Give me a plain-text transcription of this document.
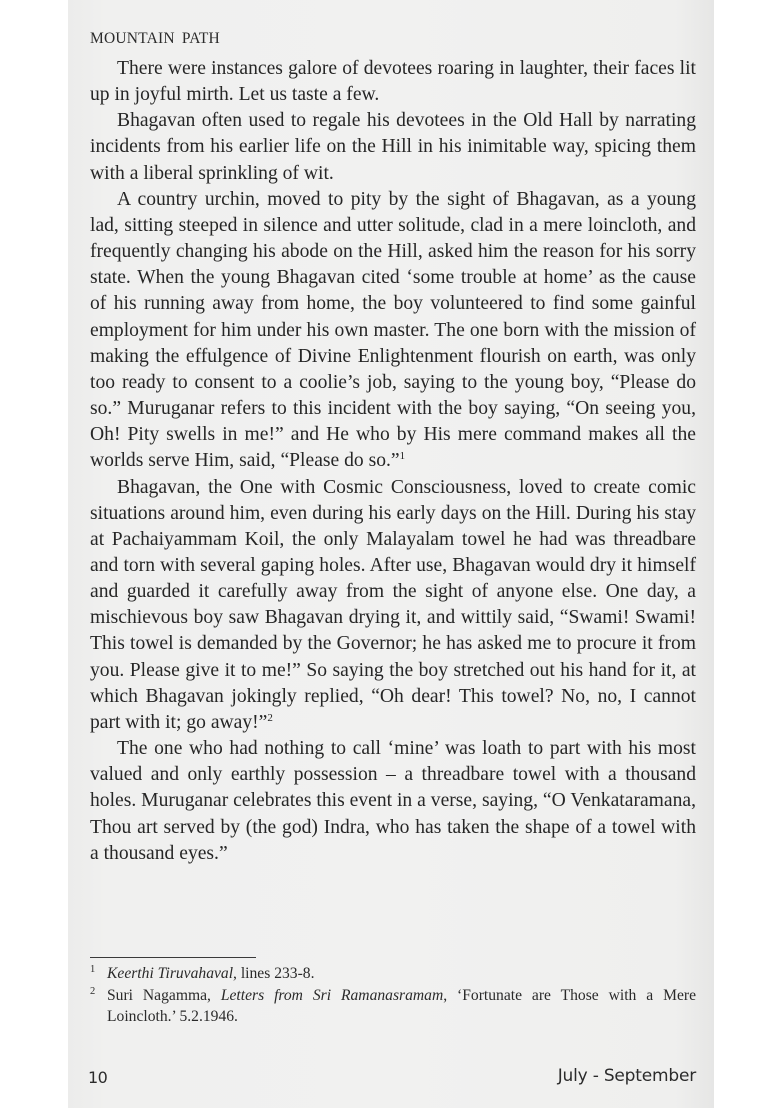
MOUNTAIN PATH

There were instances galore of devotees roaring in laughter, their faces lit up in joyful mirth. Let us taste a few.

Bhagavan often used to regale his devotees in the Old Hall by narrating incidents from his earlier life on the Hill in his inimitable way, spicing them with a liberal sprinkling of wit.

A country urchin, moved to pity by the sight of Bhagavan, as a young lad, sitting steeped in silence and utter solitude, clad in a mere loincloth, and frequently changing his abode on the Hill, asked him the reason for his sorry state. When the young Bhagavan cited ‘some trouble at home’ as the cause of his running away from home, the boy volunteered to find some gainful employment for him under his own master. The one born with the mission of making the effulgence of Divine Enlightenment flourish on earth, was only too ready to consent to a coolie’s job, saying to the young boy, “Please do so.” Muruganar refers to this incident with the boy saying, “On seeing you, Oh! Pity swells in me!” and He who by His mere command makes all the worlds serve Him, said, “Please do so.”$^1$

Bhagavan, the One with Cosmic Consciousness, loved to create comic situations around him, even during his early days on the Hill. During his stay at Pachaiyammam Koil, the only Malayalam towel he had was threadbare and torn with several gaping holes. After use, Bhagavan would dry it himself and guarded it carefully away from the sight of anyone else. One day, a mischievous boy saw Bhagavan drying it, and wittily said, “Swami! Swami! This towel is demanded by the Governor; he has asked me to procure it from you. Please give it to me!” So saying the boy stretched out his hand for it, at which Bhagavan jokingly replied, “Oh dear! This towel? No, no, I cannot part with it; go away!”$^2$

The one who had nothing to call ‘mine’ was loath to part with his most valued and only earthly possession – a threadbare towel with a thousand holes. Muruganar celebrates this event in a verse, saying, “O Venkataramana, Thou art served by (the god) Indra, who has taken the shape of a towel with a thousand eyes.”

1 Keerthi Tiruvahaval, lines 233-8.
2 Suri Nagamma, Letters from Sri Ramanasramam, ‘Fortunate are Those with a Mere Loincloth.’ 5.2.1946.
10	July - September
